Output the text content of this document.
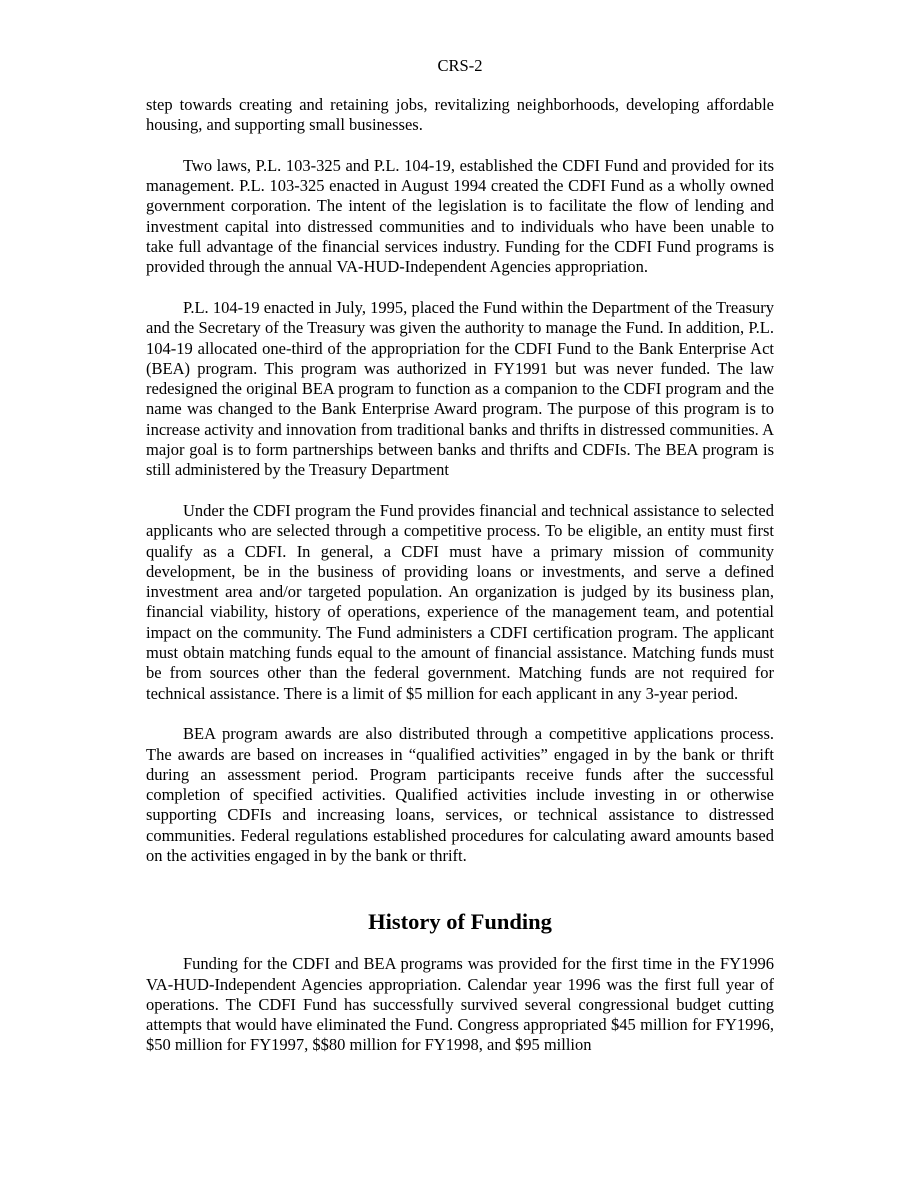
CRS-2

step towards creating and retaining jobs, revitalizing neighborhoods, developing affordable housing, and supporting small businesses.

Two laws, P.L. 103-325 and P.L. 104-19, established the CDFI Fund and provided for its management. P.L. 103-325 enacted in August 1994 created the CDFI Fund as a wholly owned government corporation. The intent of the legislation is to facilitate the flow of lending and investment capital into distressed communities and to individuals who have been unable to take full advantage of the financial services industry. Funding for the CDFI Fund programs is provided through the annual VA-HUD-Independent Agencies appropriation.

P.L. 104-19 enacted in July, 1995, placed the Fund within the Department of the Treasury and the Secretary of the Treasury was given the authority to manage the Fund. In addition, P.L. 104-19 allocated one-third of the appropriation for the CDFI Fund to the Bank Enterprise Act (BEA) program. This program was authorized in FY1991 but was never funded. The law redesigned the original BEA program to function as a companion to the CDFI program and the name was changed to the Bank Enterprise Award program. The purpose of this program is to increase activity and innovation from traditional banks and thrifts in distressed communities. A major goal is to form partnerships between banks and thrifts and CDFIs. The BEA program is still administered by the Treasury Department

Under the CDFI program the Fund provides financial and technical assistance to selected applicants who are selected through a competitive process. To be eligible, an entity must first qualify as a CDFI. In general, a CDFI must have a primary mission of community development, be in the business of providing loans or investments, and serve a defined investment area and/or targeted population. An organization is judged by its business plan, financial viability, history of operations, experience of the management team, and potential impact on the community. The Fund administers a CDFI certification program. The applicant must obtain matching funds equal to the amount of financial assistance. Matching funds must be from sources other than the federal government. Matching funds are not required for technical assistance. There is a limit of $5 million for each applicant in any 3-year period.

BEA program awards are also distributed through a competitive applications process. The awards are based on increases in “qualified activities” engaged in by the bank or thrift during an assessment period. Program participants receive funds after the successful completion of specified activities. Qualified activities include investing in or otherwise supporting CDFIs and increasing loans, services, or technical assistance to distressed communities. Federal regulations established procedures for calculating award amounts based on the activities engaged in by the bank or thrift.

History of Funding

Funding for the CDFI and BEA programs was provided for the first time in the FY1996 VA-HUD-Independent Agencies appropriation. Calendar year 1996 was the first full year of operations. The CDFI Fund has successfully survived several congressional budget cutting attempts that would have eliminated the Fund. Congress appropriated $45 million for FY1996, $50 million for FY1997, $$80 million for FY1998, and $95 million
